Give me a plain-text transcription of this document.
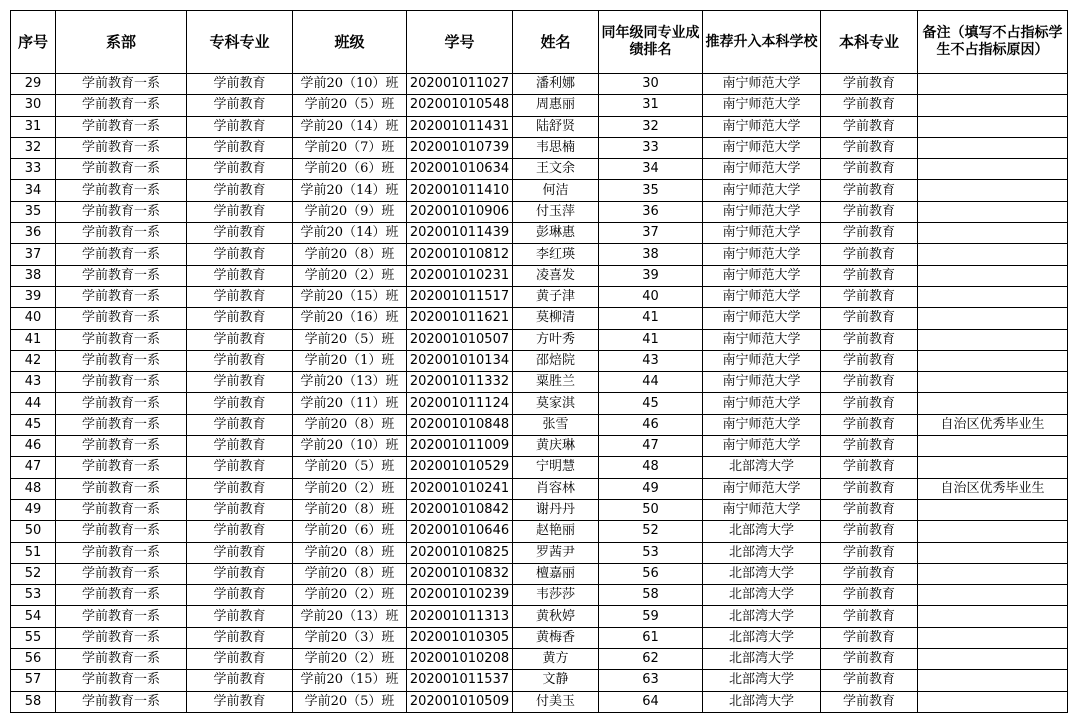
序号	系部	专科专业	班级	学号	姓名	同年级同专业成绩排名	推荐升入本科学校	本科专业	备注（填写不占指标学生不占指标原因）
29	学前教育一系	学前教育	学前20（10）班	202001011027	潘利娜	30	南宁师范大学	学前教育	
30	学前教育一系	学前教育	学前20（5）班	202001010548	周惠丽	31	南宁师范大学	学前教育	
31	学前教育一系	学前教育	学前20（14）班	202001011431	陆舒贤	32	南宁师范大学	学前教育	
32	学前教育一系	学前教育	学前20（7）班	202001010739	韦思楠	33	南宁师范大学	学前教育	
33	学前教育一系	学前教育	学前20（6）班	202001010634	王文余	34	南宁师范大学	学前教育	
34	学前教育一系	学前教育	学前20（14）班	202001011410	何洁	35	南宁师范大学	学前教育	
35	学前教育一系	学前教育	学前20（9）班	202001010906	付玉萍	36	南宁师范大学	学前教育	
36	学前教育一系	学前教育	学前20（14）班	202001011439	彭琳惠	37	南宁师范大学	学前教育	
37	学前教育一系	学前教育	学前20（8）班	202001010812	李红瑛	38	南宁师范大学	学前教育	
38	学前教育一系	学前教育	学前20（2）班	202001010231	凌喜发	39	南宁师范大学	学前教育	
39	学前教育一系	学前教育	学前20（15）班	202001011517	黄子津	40	南宁师范大学	学前教育	
40	学前教育一系	学前教育	学前20（16）班	202001011621	莫柳清	41	南宁师范大学	学前教育	
41	学前教育一系	学前教育	学前20（5）班	202001010507	方叶秀	41	南宁师范大学	学前教育	
42	学前教育一系	学前教育	学前20（1）班	202001010134	邵焙院	43	南宁师范大学	学前教育	
43	学前教育一系	学前教育	学前20（13）班	202001011332	粟胜兰	44	南宁师范大学	学前教育	
44	学前教育一系	学前教育	学前20（11）班	202001011124	莫家淇	45	南宁师范大学	学前教育	
45	学前教育一系	学前教育	学前20（8）班	202001010848	张雪	46	南宁师范大学	学前教育	自治区优秀毕业生
46	学前教育一系	学前教育	学前20（10）班	202001011009	黄庆琳	47	南宁师范大学	学前教育	
47	学前教育一系	学前教育	学前20（5）班	202001010529	宁明慧	48	北部湾大学	学前教育	
48	学前教育一系	学前教育	学前20（2）班	202001010241	肖容林	49	南宁师范大学	学前教育	自治区优秀毕业生
49	学前教育一系	学前教育	学前20（8）班	202001010842	谢丹丹	50	南宁师范大学	学前教育	
50	学前教育一系	学前教育	学前20（6）班	202001010646	赵艳丽	52	北部湾大学	学前教育	
51	学前教育一系	学前教育	学前20（8）班	202001010825	罗茜尹	53	北部湾大学	学前教育	
52	学前教育一系	学前教育	学前20（8）班	202001010832	檀嘉丽	56	北部湾大学	学前教育	
53	学前教育一系	学前教育	学前20（2）班	202001010239	韦莎莎	58	北部湾大学	学前教育	
54	学前教育一系	学前教育	学前20（13）班	202001011313	黄秋婷	59	北部湾大学	学前教育	
55	学前教育一系	学前教育	学前20（3）班	202001010305	黄梅香	61	北部湾大学	学前教育	
56	学前教育一系	学前教育	学前20（2）班	202001010208	黄方	62	北部湾大学	学前教育	
57	学前教育一系	学前教育	学前20（15）班	202001011537	文静	63	北部湾大学	学前教育	
58	学前教育一系	学前教育	学前20（5）班	202001010509	付美玉	64	北部湾大学	学前教育	
